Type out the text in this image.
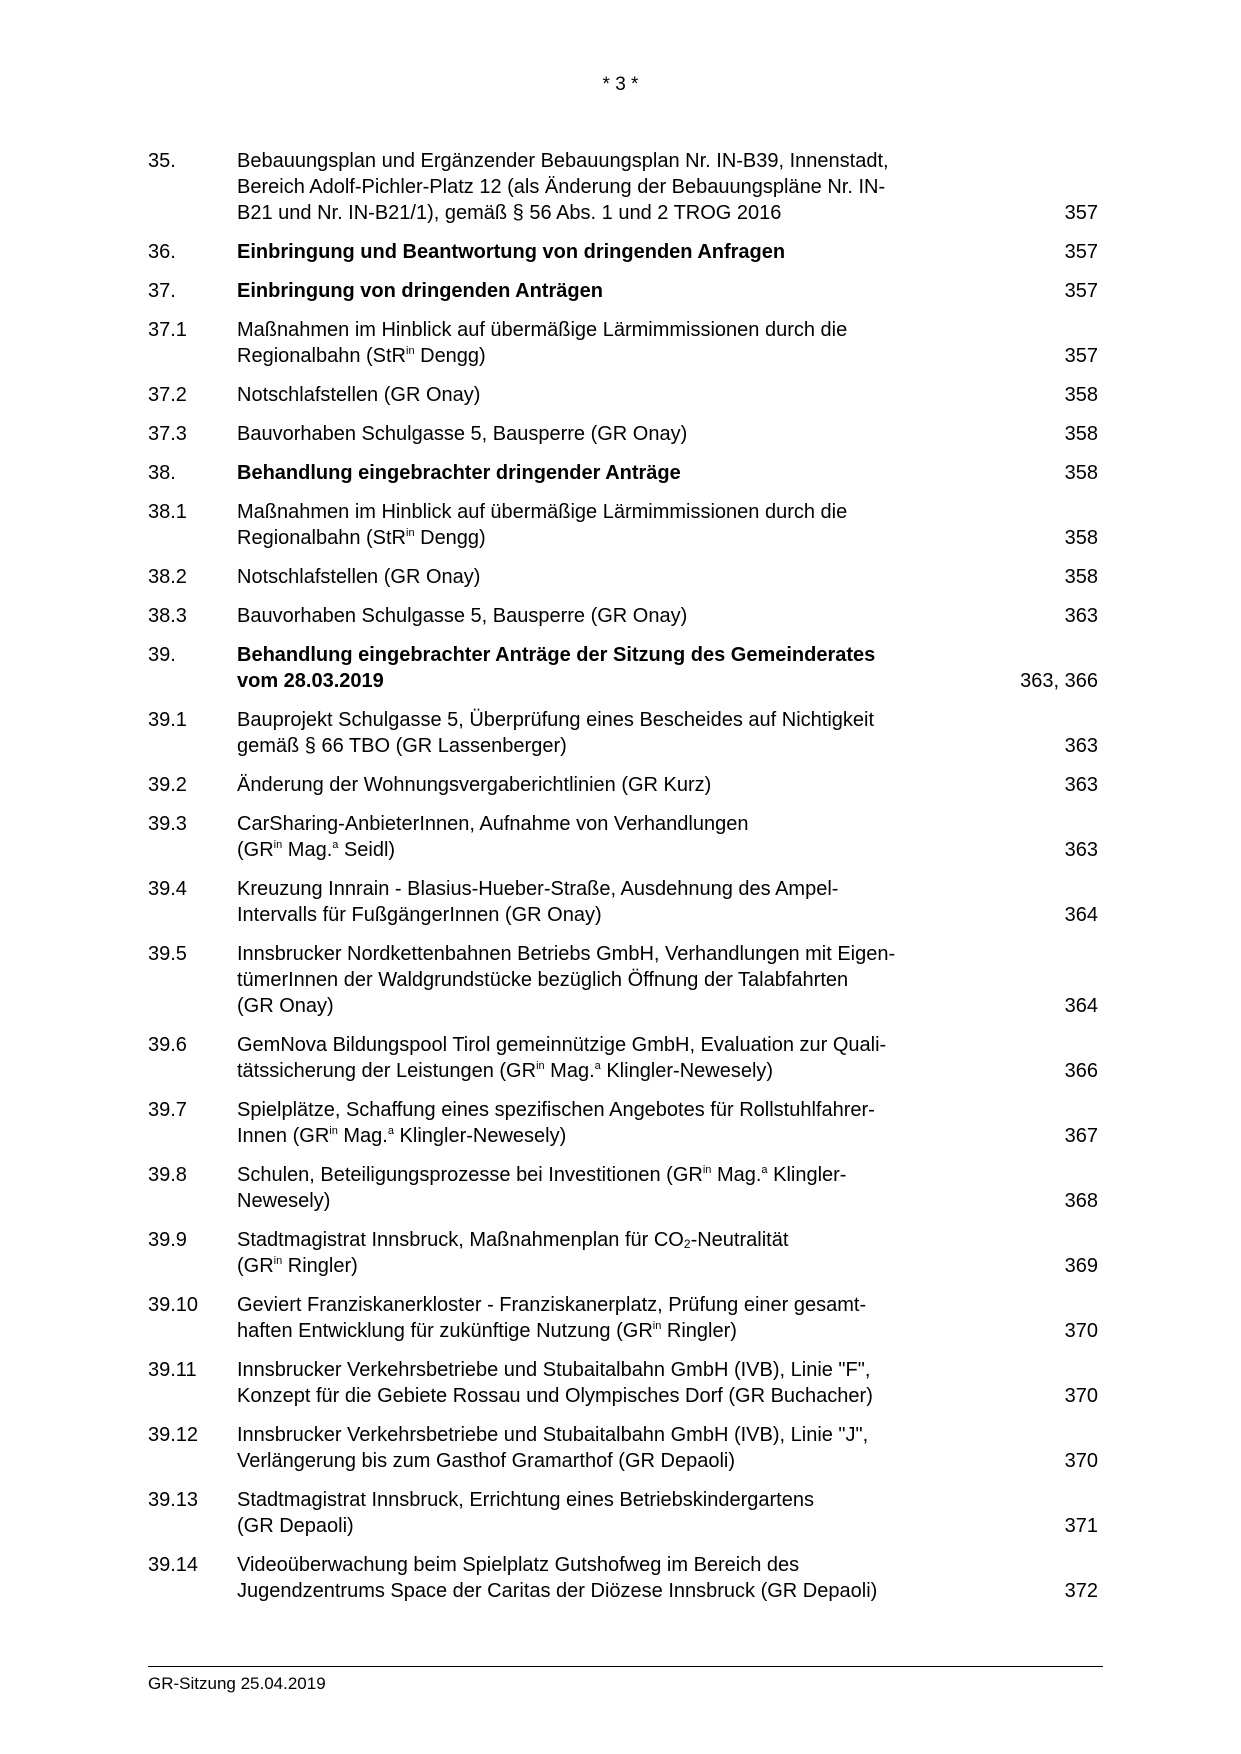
* 3 *
35.	Bebauungsplan und Ergänzender Bebauungsplan Nr. IN-B39, Innenstadt,
Bereich Adolf-Pichler-Platz 12 (als Änderung der Bebauungspläne Nr. IN-
B21 und Nr. IN-B21/1), gemäß § 56 Abs. 1 und 2 TROG 2016	357
36.	Einbringung und Beantwortung von dringenden Anfragen	357
37.	Einbringung von dringenden Anträgen	357
37.1	Maßnahmen im Hinblick auf übermäßige Lärmimmissionen durch die
Regionalbahn (StR$^{in}$ Dengg)	357
37.2	Notschlafstellen (GR Onay)	358
37.3	Bauvorhaben Schulgasse 5, Bausperre (GR Onay)	358
38.	Behandlung eingebrachter dringender Anträge	358
38.1	Maßnahmen im Hinblick auf übermäßige Lärmimmissionen durch die
Regionalbahn (StR$^{in}$ Dengg)	358
38.2	Notschlafstellen (GR Onay)	358
38.3	Bauvorhaben Schulgasse 5, Bausperre (GR Onay)	363
39.	Behandlung eingebrachter Anträge der Sitzung des Gemeinderates
vom 28.03.2019	363, 366
39.1	Bauprojekt Schulgasse 5, Überprüfung eines Bescheides auf Nichtigkeit
gemäß § 66 TBO (GR Lassenberger)	363
39.2	Änderung der Wohnungsvergaberichtlinien (GR Kurz)	363
39.3	CarSharing-AnbieterInnen, Aufnahme von Verhandlungen
($GR^{in}$ Mag.$^a$ Seidl)	363
39.4	Kreuzung Innrain - Blasius-Hueber-Straße, Ausdehnung des Ampel-
Intervalls für FußgängerInnen (GR Onay)	364
39.5	Innsbrucker Nordkettenbahnen Betriebs GmbH, Verhandlungen mit Eigen-
tümerInnen der Waldgrundstücke bezüglich Öffnung der Talabfahrten
(GR Onay)	364
39.6	GemNova Bildungspool Tirol gemeinnützige GmbH, Evaluation zur Quali-
tätssicherung der Leistungen ($GR^{in}$ Mag.$^a$ Klingler-Newesely)	366
39.7	Spielplätze, Schaffung eines spezifischen Angebotes für Rollstuhlfahrer-
Innen ($GR^{in}$ Mag.$^a$ Klingler-Newesely)	367
39.8	Schulen, Beteiligungsprozesse bei Investitionen ($GR^{in}$ Mag.$^a$ Klingler-
Newesely)	368
39.9	Stadtmagistrat Innsbruck, Maßnahmenplan für $CO_2$-Neutralität
($GR^{in}$ Ringler)	369
39.10	Geviert Franziskanerkloster - Franziskanerplatz, Prüfung einer gesamt-
haften Entwicklung für zukünftige Nutzung ($GR^{in}$ Ringler)	370
39.11	Innsbrucker Verkehrsbetriebe und Stubaitalbahn GmbH (IVB), Linie "F",
Konzept für die Gebiete Rossau und Olympisches Dorf (GR Buchacher)	370
39.12	Innsbrucker Verkehrsbetriebe und Stubaitalbahn GmbH (IVB), Linie "J",
Verlängerung bis zum Gasthof Gramarthof (GR Depaoli)	370
39.13	Stadtmagistrat Innsbruck, Errichtung eines Betriebskindergartens
(GR Depaoli)	371
39.14	Videoüberwachung beim Spielplatz Gutshofweg im Bereich des
Jugendzentrums Space der Caritas der Diözese Innsbruck (GR Depaoli)	372
GR-Sitzung 25.04.2019
